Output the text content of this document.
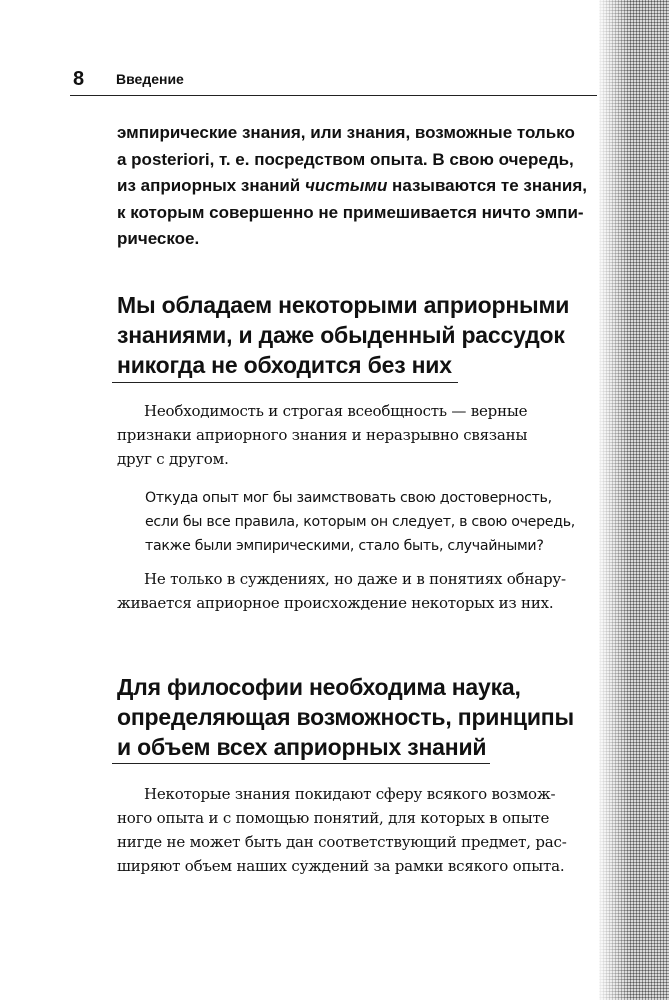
8 Введение
эмпирические знания, или знания, возможные только
a posteriori, т. е. посредством опыта. В свою очередь,
из априорных знаний чистыми называются те знания,
к которым совершенно не примешивается ничто эмпи-
рическое.
Мы обладаем некоторыми априорными
знаниями, и даже обыденный рассудок
никогда не обходится без них
Необходимость и строгая всеобщность — верные
признаки априорного знания и неразрывно связаны
друг с другом.
Откуда опыт мог бы заимствовать свою достоверность,
если бы все правила, которым он следует, в свою очередь,
также были эмпирическими, стало быть, случайными?
Не только в суждениях, но даже и в понятиях обнару-
живается априорное происхождение некоторых из них.
Для философии необходима наука,
определяющая возможность, принципы
и объем всех априорных знаний
Некоторые знания покидают сферу всякого возмож-
ного опыта и с помощью понятий, для которых в опыте
нигде не может быть дан соответствующий предмет, рас-
ширяют объем наших суждений за рамки всякого опыта.
